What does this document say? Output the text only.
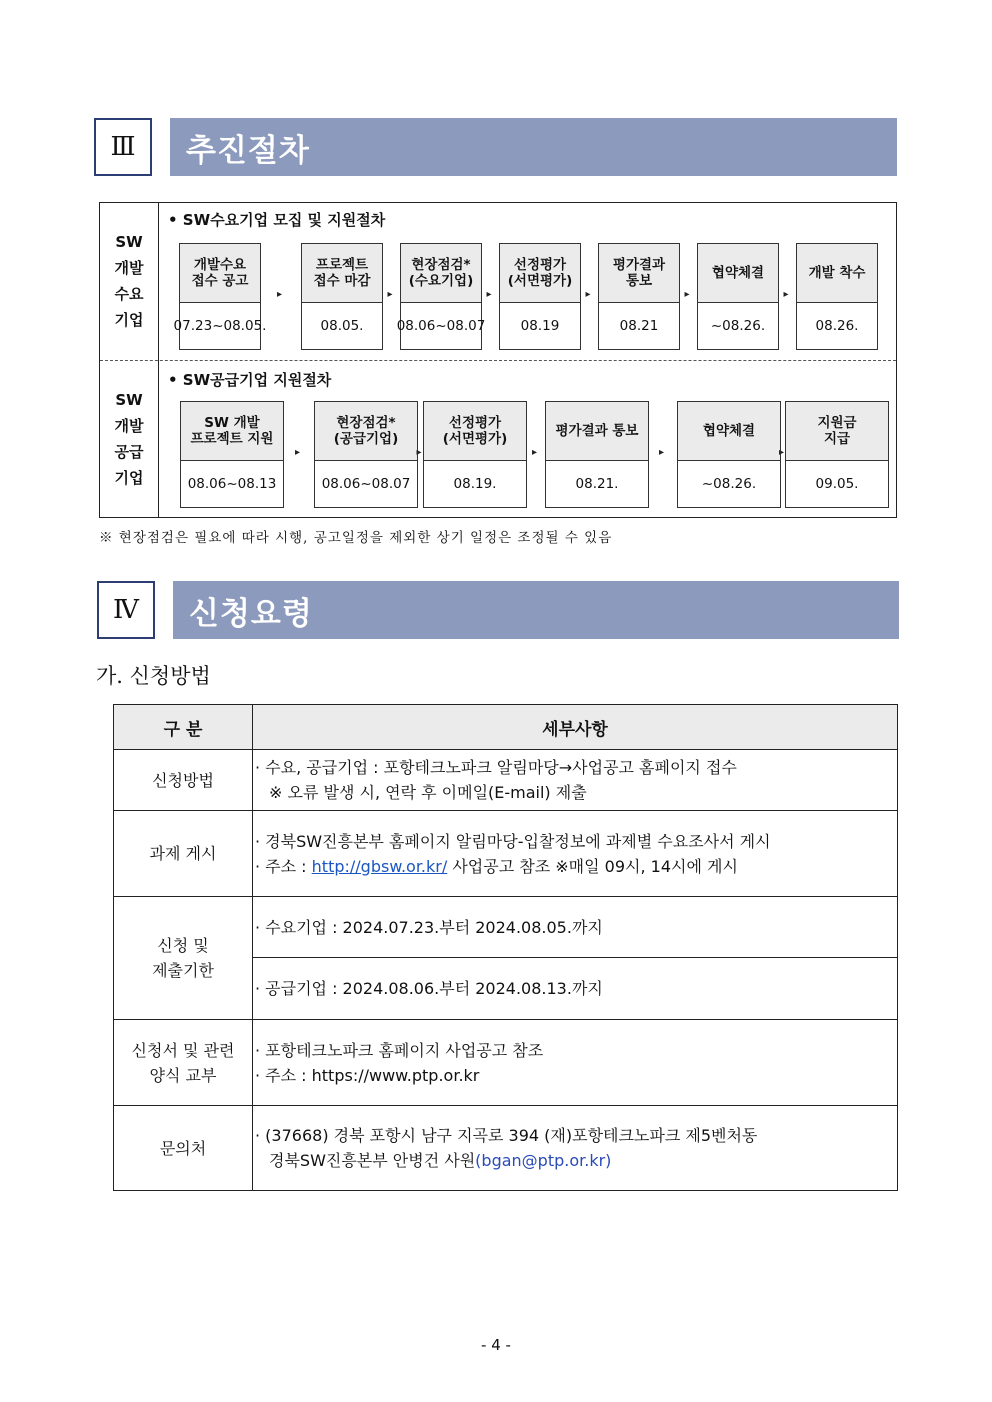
Ⅲ	추진절차
SW
개발
수요
기업
• SW수요기업 모집 및 지원절차
개발수요
접수 공고
07.23~08.05.
▸
프로젝트
접수 마감
08.05.
▸
현장점검*
(수요기업)
08.06~08.07
▸
선정평가
(서면평가)
08.19
▸
평가결과
통보
08.21
▸
협약체결
~08.26.
▸
개발 착수
08.26.
SW
개발
공급
기업
• SW공급기업 지원절차
SW 개발
프로젝트 지원
08.06~08.13
▸
현장점검*
(공급기업)
08.06~08.07
▸
선정평가
(서면평가)
08.19.
▸
평가결과 통보
08.21.
▸
협약체결
~08.26.
▸
지원금
지급
09.05.
※ 현장점검은 필요에 따라 시행, 공고일정을 제외한 상기 일정은 조정될 수 있음
Ⅳ	신청요령
가. 신청방법
구 분	세부사항
신청방법	· 수요, 공급기업 : 포항테크노파크 알림마당→사업공고 홈페이지 접수
※ 오류 발생 시, 연락 후 이메일(E-mail) 제출

과제 게시	· 경북SW진흥본부 홈페이지 알림마당-입찰정보에 과제별 수요조사서 게시
· 주소 : http://gbsw.or.kr/ 사업공고 참조 ※매일 09시, 14시에 게시

신청 및
제출기한	· 수요기업 : 2024.07.23.부터 2024.08.05.까지

	· 공급기업 : 2024.08.06.부터 2024.08.13.까지

신청서 및 관련
양식 교부	· 포항테크노파크 홈페이지 사업공고 참조
· 주소 : https://www.ptp.or.kr

문의처	· (37668) 경북 포항시 남구 지곡로 394 (재)포항테크노파크 제5벤처동
경북SW진흥본부 안병건 사원(bgan@ptp.or.kr)
- 4 -
